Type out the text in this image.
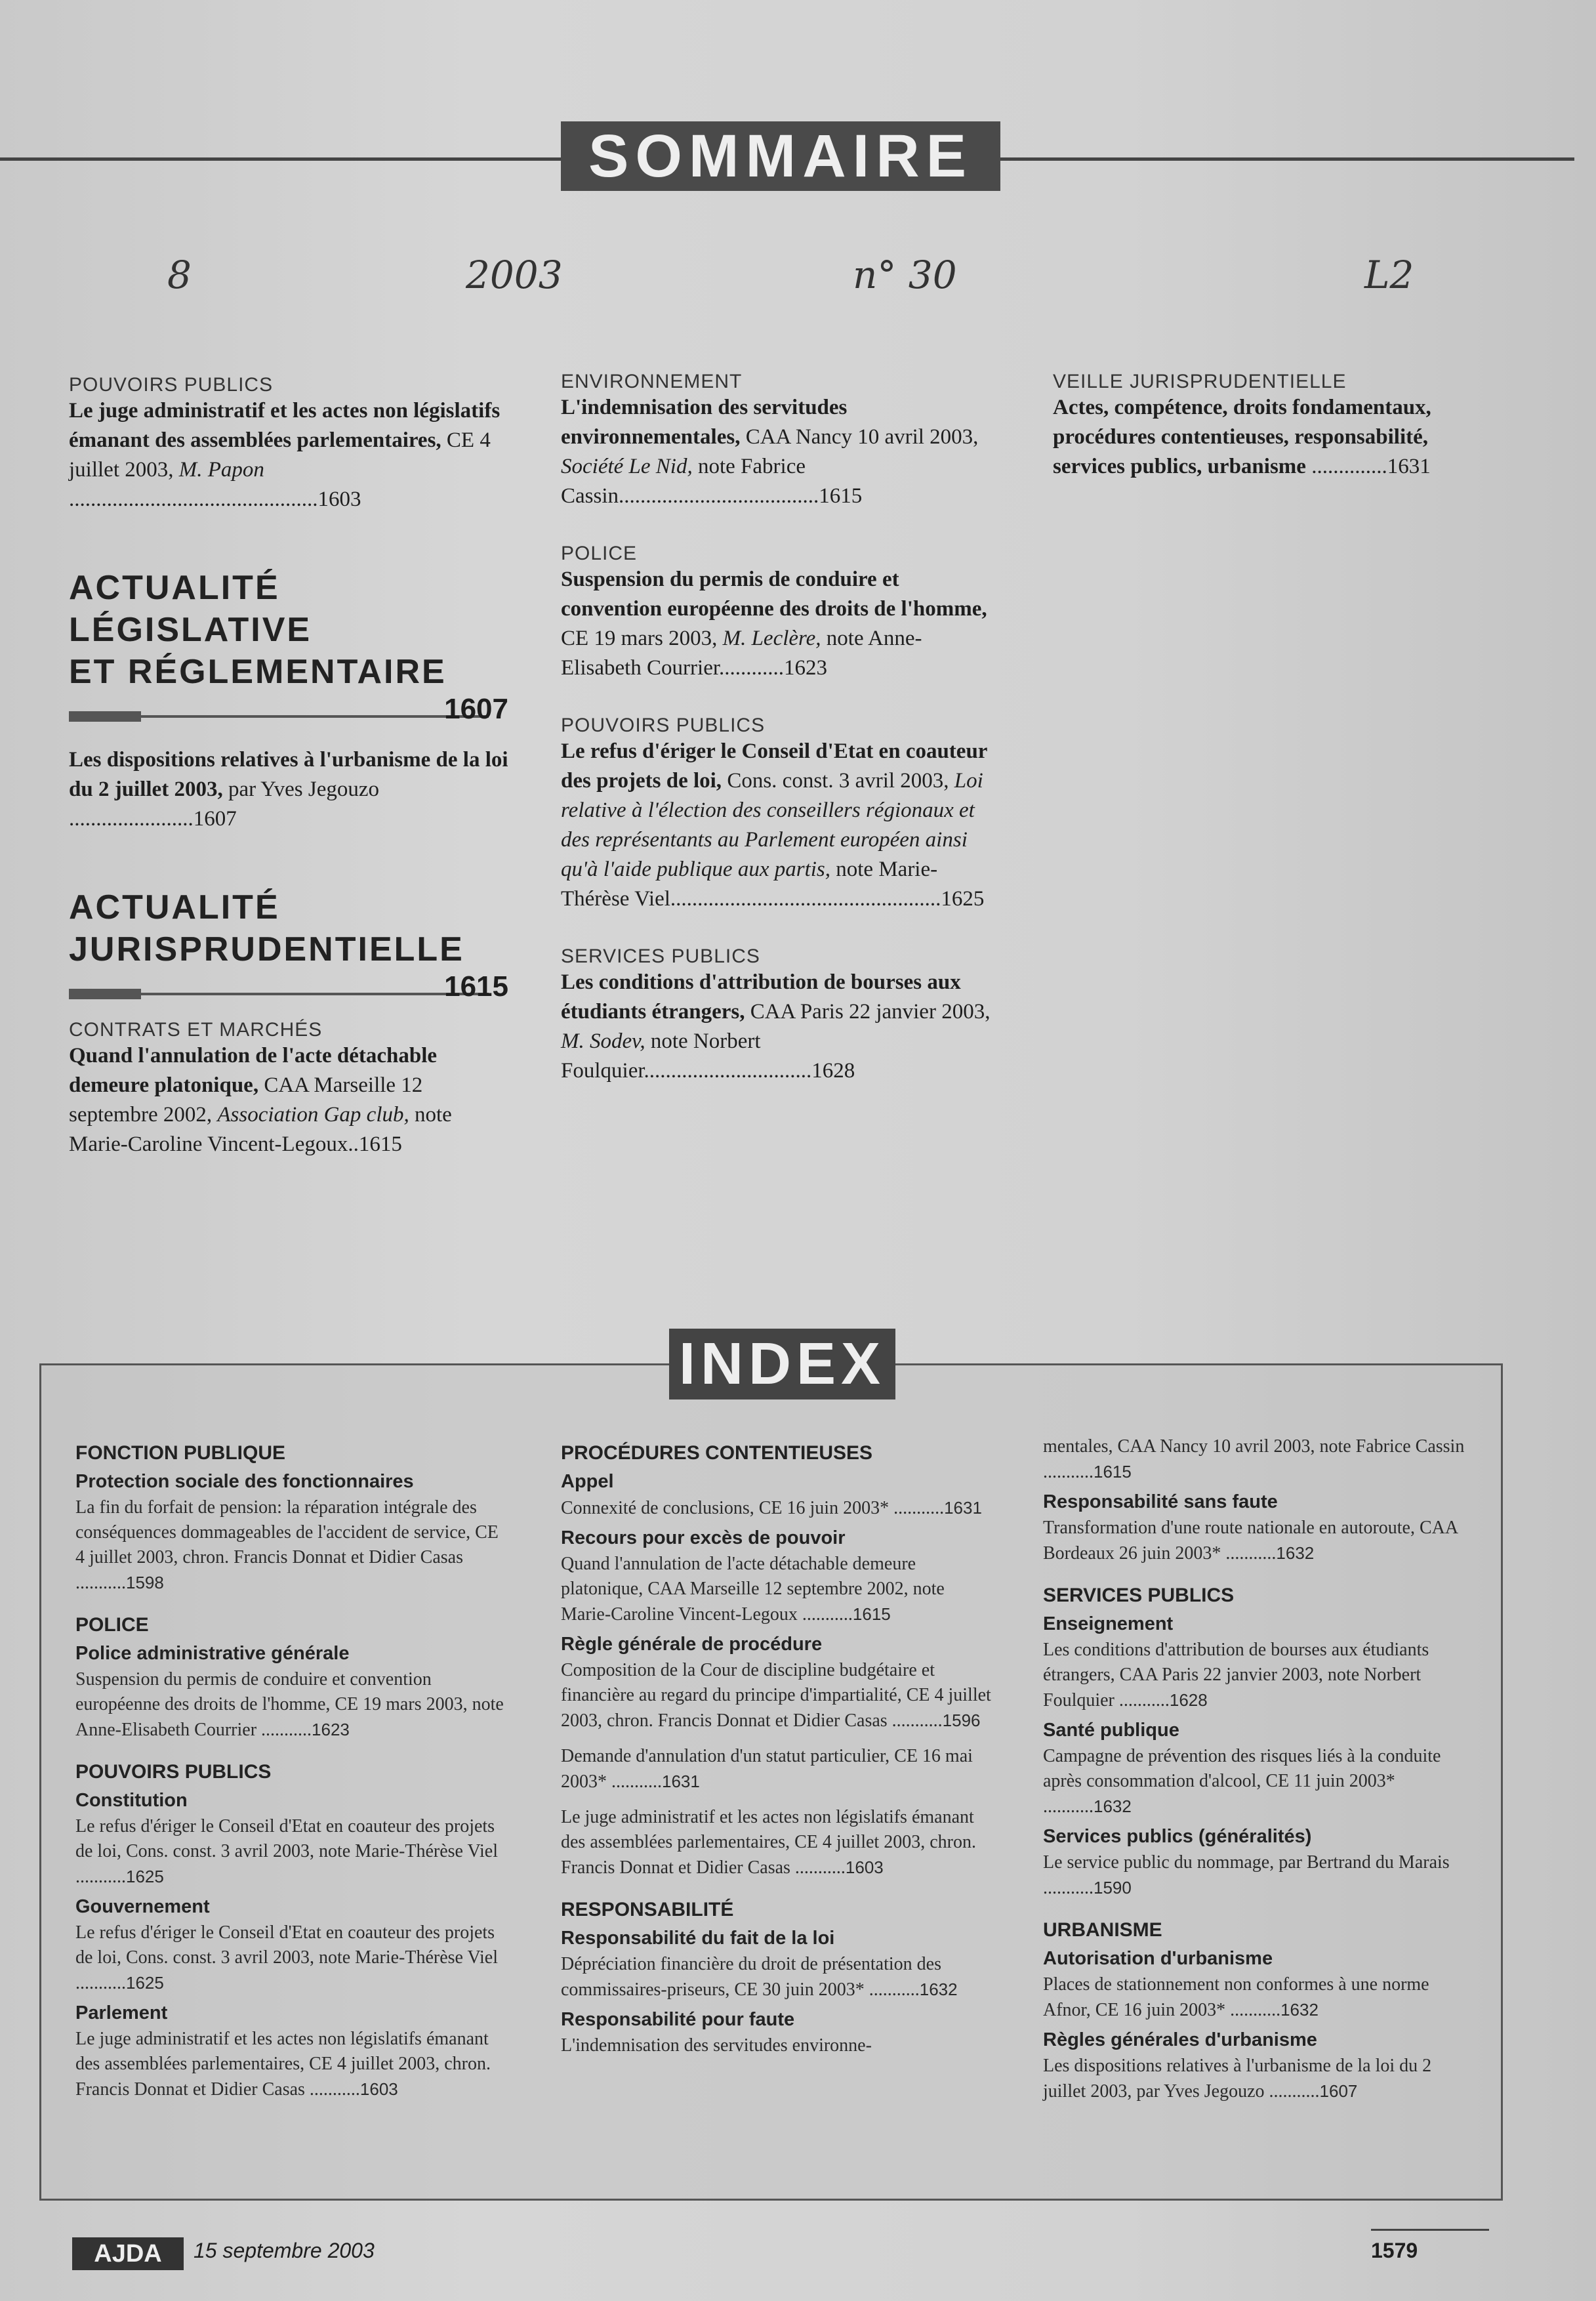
SOMMAIRE
8	2003	n° 30	L2
POUVOIRS PUBLICS
Le juge administratif et les actes non législatifs émanant des assemblées parlementaires, CE 4 juillet 2003, M. Papon ..............................................1603
ACTUALITÉ LÉGISLATIVE
ET RÉGLEMENTAIRE
1607
Les dispositions relatives à l'urbanisme de la loi du 2 juillet 2003, par Yves Jegouzo .......................1607
ACTUALITÉ
JURISPRUDENTIELLE
1615
CONTRATS ET MARCHÉS
Quand l'annulation de l'acte détachable demeure platonique, CAA Marseille 12 septembre 2002, Association Gap club, note Marie-Caroline Vincent-Legoux..1615
ENVIRONNEMENT
L'indemnisation des servitudes environnementales, CAA Nancy 10 avril 2003, Société Le Nid, note Fabrice Cassin.....................................1615
POLICE
Suspension du permis de conduire et convention européenne des droits de l'homme, CE 19 mars 2003, M. Leclère, note Anne-Elisabeth Courrier............1623
POUVOIRS PUBLICS
Le refus d'ériger le Conseil d'Etat en coauteur des projets de loi, Cons. const. 3 avril 2003, Loi relative à l'élection des conseillers régionaux et des représentants au Parlement européen ainsi qu'à l'aide publique aux partis, note Marie-Thérèse Viel..................................................1625
SERVICES PUBLICS
Les conditions d'attribution de bourses aux étudiants étrangers, CAA Paris 22 janvier 2003, M. Sodev, note Norbert Foulquier...............................1628
VEILLE JURISPRUDENTIELLE
Actes, compétence, droits fondamentaux, procédures contentieuses, responsabilité, services publics, urbanisme ..............1631
INDEX
FONCTION PUBLIQUE
Protection sociale des fonctionnaires
La fin du forfait de pension: la réparation intégrale des conséquences dommageables de l'accident de service, CE 4 juillet 2003, chron. Francis Donnat et Didier Casas ...........1598
POLICE
Police administrative générale
Suspension du permis de conduire et convention européenne des droits de l'homme, CE 19 mars 2003, note Anne-Elisabeth Courrier ...........1623
POUVOIRS PUBLICS
Constitution
Le refus d'ériger le Conseil d'Etat en coauteur des projets de loi, Cons. const. 3 avril 2003, note Marie-Thérèse Viel ...........1625
Gouvernement
Le refus d'ériger le Conseil d'Etat en coauteur des projets de loi, Cons. const. 3 avril 2003, note Marie-Thérèse Viel ...........1625
Parlement
Le juge administratif et les actes non législatifs émanant des assemblées parlementaires, CE 4 juillet 2003, chron. Francis Donnat et Didier Casas ...........1603
PROCÉDURES CONTENTIEUSES
Appel
Connexité de conclusions, CE 16 juin 2003* ...........1631
Recours pour excès de pouvoir
Quand l'annulation de l'acte détachable demeure platonique, CAA Marseille 12 septembre 2002, note Marie-Caroline Vincent-Legoux ...........1615
Règle générale de procédure
Composition de la Cour de discipline budgétaire et financière au regard du principe d'impartialité, CE 4 juillet 2003, chron. Francis Donnat et Didier Casas ...........1596
Demande d'annulation d'un statut particulier, CE 16 mai 2003* ...........1631
Le juge administratif et les actes non législatifs émanant des assemblées parlementaires, CE 4 juillet 2003, chron. Francis Donnat et Didier Casas ...........1603
RESPONSABILITÉ
Responsabilité du fait de la loi
Dépréciation financière du droit de présentation des commissaires-priseurs, CE 30 juin 2003* ...........1632
Responsabilité pour faute
L'indemnisation des servitudes environne-
mentales, CAA Nancy 10 avril 2003, note Fabrice Cassin ...........1615
Responsabilité sans faute
Transformation d'une route nationale en autoroute, CAA Bordeaux 26 juin 2003* ...........1632
SERVICES PUBLICS
Enseignement
Les conditions d'attribution de bourses aux étudiants étrangers, CAA Paris 22 janvier 2003, note Norbert Foulquier ...........1628
Santé publique
Campagne de prévention des risques liés à la conduite après consommation d'alcool, CE 11 juin 2003* ...........1632
Services publics (généralités)
Le service public du nommage, par Bertrand du Marais ...........1590
URBANISME
Autorisation d'urbanisme
Places de stationnement non conformes à une norme Afnor, CE 16 juin 2003* ...........1632
Règles générales d'urbanisme
Les dispositions relatives à l'urbanisme de la loi du 2 juillet 2003, par Yves Jegouzo ...........1607
AJDA	15 septembre 2003	1579
